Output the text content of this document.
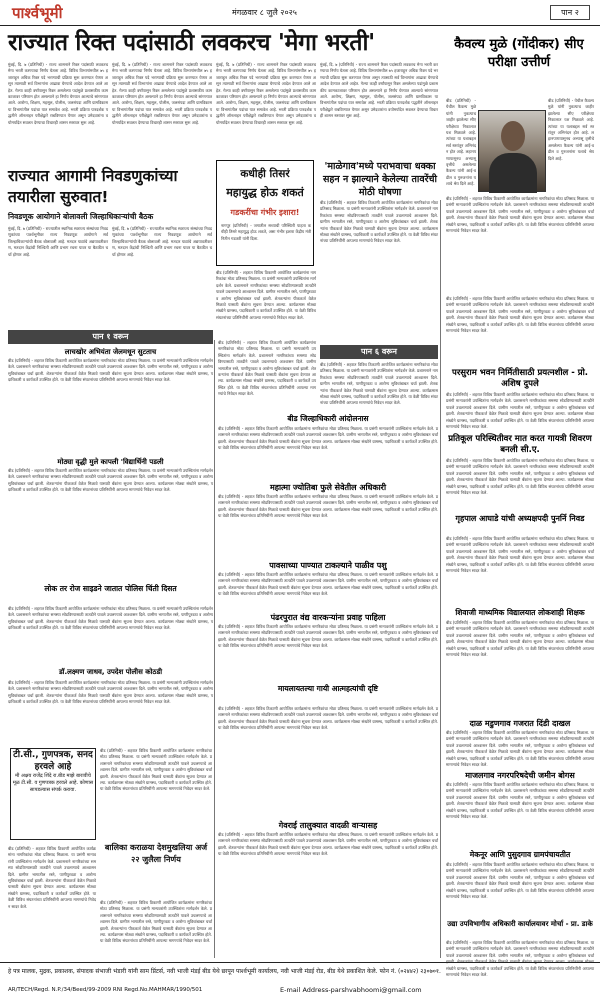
पार्श्वभूमी	मंगळवार ८ जुलै २०२५	पान २
राज्यात रिक्त पदांसाठी लवकरच 'मेगा भरती'	कैवल्य मुळे (गोंदीकर) सीए परीक्षा उत्तीर्ण
मुंबई, दि. ७ (प्रतिनिधी) - राज्य शासनाने रिक्त पदांसाठी लवकरच मेगा भरती करण्याचा निर्णय घेतला आहे. विविध विभागांमधील ७५ हजाराहून अधिक रिक्त पदे भरण्याची प्रक्रिया सुरू करण्यात येणार असून त्यासाठी सर्व विभागांना आढावा घेण्याचे आदेश देण्यात आले आहेत. गेल्या काही वर्षांपासून रिक्त असलेल्या पदांमुळे प्रशासकीय कामकाजावर परिणाम होत असल्याने हा निर्णय घेण्यात आल्याचे सांगण्यात आले. आरोग्य, शिक्षण, महसूल, पोलीस, जलसंपदा आणि ग्रामविकास या विभागांतील पदांचा यात समावेश आहे. भरती प्रक्रिया पारदर्शक पद्धतीने ऑनलाइन परीक्षेद्वारे राबविण्यात येणार असून उमेदवारांना वयोमर्यादेत सवलत देण्याचा विचारही शासन स्तरावर सुरू आहे.
मुंबई, दि. ७ (प्रतिनिधी) - राज्य शासनाने रिक्त पदांसाठी लवकरच मेगा भरती करण्याचा निर्णय घेतला आहे. विविध विभागांमधील ७५ हजाराहून अधिक रिक्त पदे भरण्याची प्रक्रिया सुरू करण्यात येणार असून त्यासाठी सर्व विभागांना आढावा घेण्याचे आदेश देण्यात आले आहेत. गेल्या काही वर्षांपासून रिक्त असलेल्या पदांमुळे प्रशासकीय कामकाजावर परिणाम होत असल्याने हा निर्णय घेण्यात आल्याचे सांगण्यात आले. आरोग्य, शिक्षण, महसूल, पोलीस, जलसंपदा आणि ग्रामविकास या विभागांतील पदांचा यात समावेश आहे. भरती प्रक्रिया पारदर्शक पद्धतीने ऑनलाइन परीक्षेद्वारे राबविण्यात येणार असून उमेदवारांना वयोमर्यादेत सवलत देण्याचा विचारही शासन स्तरावर सुरू आहे.
मुंबई, दि. ७ (प्रतिनिधी) - राज्य शासनाने रिक्त पदांसाठी लवकरच मेगा भरती करण्याचा निर्णय घेतला आहे. विविध विभागांमधील ७५ हजाराहून अधिक रिक्त पदे भरण्याची प्रक्रिया सुरू करण्यात येणार असून त्यासाठी सर्व विभागांना आढावा घेण्याचे आदेश देण्यात आले आहेत. गेल्या काही वर्षांपासून रिक्त असलेल्या पदांमुळे प्रशासकीय कामकाजावर परिणाम होत असल्याने हा निर्णय घेण्यात आल्याचे सांगण्यात आले. आरोग्य, शिक्षण, महसूल, पोलीस, जलसंपदा आणि ग्रामविकास या विभागांतील पदांचा यात समावेश आहे. भरती प्रक्रिया पारदर्शक पद्धतीने ऑनलाइन परीक्षेद्वारे राबविण्यात येणार असून उमेदवारांना वयोमर्यादेत सवलत देण्याचा विचारही शासन स्तरावर सुरू आहे.
मुंबई, दि. ७ (प्रतिनिधी) - राज्य शासनाने रिक्त पदांसाठी लवकरच मेगा भरती करण्याचा निर्णय घेतला आहे. विविध विभागांमधील ७५ हजाराहून अधिक रिक्त पदे भरण्याची प्रक्रिया सुरू करण्यात येणार असून त्यासाठी सर्व विभागांना आढावा घेण्याचे आदेश देण्यात आले आहेत. गेल्या काही वर्षांपासून रिक्त असलेल्या पदांमुळे प्रशासकीय कामकाजावर परिणाम होत असल्याने हा निर्णय घेण्यात आल्याचे सांगण्यात आले. आरोग्य, शिक्षण, महसूल, पोलीस, जलसंपदा आणि ग्रामविकास या विभागांतील पदांचा यात समावेश आहे. भरती प्रक्रिया पारदर्शक पद्धतीने ऑनलाइन परीक्षेद्वारे राबविण्यात येणार असून उमेदवारांना वयोमर्यादेत सवलत देण्याचा विचारही शासन स्तरावर सुरू आहे.
बीड (प्रतिनिधी) - येथील कैवल्य मुळे यांनी नुकत्याच जाहीर झालेल्या सीए परीक्षेच्या निकालात यश मिळवले आहे. त्यांच्या या यशाबद्दल सर्व स्तरांतून अभिनंदन होत आहे. लहानपणापासूनच अभ्यासू वृत्तीचे असलेल्या कैवल्य यांनी आई-वडील व गुरुजनांना यशाचे श्रेय दिले आहे.
बीड (प्रतिनिधी) - येथील कैवल्य मुळे यांनी नुकत्याच जाहीर झालेल्या सीए परीक्षेच्या निकालात यश मिळवले आहे. त्यांच्या या यशाबद्दल सर्व स्तरांतून अभिनंदन होत आहे. लहानपणापासूनच अभ्यासू वृत्तीचे असलेल्या कैवल्य यांनी आई-वडील व गुरुजनांना यशाचे श्रेय दिले आहे.
बीड (प्रतिनिधी) - शहरात विविध ठिकाणी आयोजित कार्यक्रमांना नागरिकांचा मोठा प्रतिसाद मिळाला. या प्रसंगी मान्यवरांनी उपस्थितांना मार्गदर्शन केले. प्रशासनाने नागरिकांच्या समस्या सोडविण्यासाठी तातडीने पावले उचलण्याचे आश्वासन दिले. ग्रामीण भागातील रस्ते, पाणीपुरवठा व आरोग्य सुविधांबाबत चर्चा झाली. शेतकऱ्यांना पीककर्ज वेळेत मिळावे यासाठी बँकांना सूचना देण्यात आल्या. कार्यक्रमास मोठ्या संख्येने ग्रामस्थ, पदाधिकारी व कार्यकर्ते उपस्थित होते. या वेळी विविध संघटनांच्या प्रतिनिधींनी आपल्या मागण्यांचे निवेदन सादर केले.
राज्यात आगामी निवडणुकांच्या तयारीला सुरुवात!
निवडणूक आयोगाने बोलावली जिल्हाधिकाऱ्यांची बैठक
मुंबई, दि. ७ (प्रतिनिधी) - राज्यातील स्थानिक स्वराज्य संस्थांच्या निवडणुकांच्या पार्श्वभूमीवर राज्य निवडणूक आयोगाने सर्व जिल्हाधिकाऱ्यांची बैठक बोलावली आहे. मतदार याद्यांचे अद्ययावतीकरण, मतदान केंद्रांची निश्चिती आणि प्रभाग रचना यावर या बैठकीत चर्चा होणार आहे.
मुंबई, दि. ७ (प्रतिनिधी) - राज्यातील स्थानिक स्वराज्य संस्थांच्या निवडणुकांच्या पार्श्वभूमीवर राज्य निवडणूक आयोगाने सर्व जिल्हाधिकाऱ्यांची बैठक बोलावली आहे. मतदार याद्यांचे अद्ययावतीकरण, मतदान केंद्रांची निश्चिती आणि प्रभाग रचना यावर या बैठकीत चर्चा होणार आहे.
कधीही तिसरं
महायुद्ध होऊ शकतं
गडकरींचा गंभीर इशारा!
नागपूर (प्रतिनिधी) - जगातील सध्याची परिस्थिती पाहता कधीही तिसरे महायुद्ध होऊ शकते, असा गंभीर इशारा केंद्रीय मंत्री नितीन गडकरी यांनी दिला.
बीड (प्रतिनिधी) - शहरात विविध ठिकाणी आयोजित कार्यक्रमांना नागरिकांचा मोठा प्रतिसाद मिळाला. या प्रसंगी मान्यवरांनी उपस्थितांना मार्गदर्शन केले. प्रशासनाने नागरिकांच्या समस्या सोडविण्यासाठी तातडीने पावले उचलण्याचे आश्वासन दिले. ग्रामीण भागातील रस्ते, पाणीपुरवठा व आरोग्य सुविधांबाबत चर्चा झाली. शेतकऱ्यांना पीककर्ज वेळेत मिळावे यासाठी बँकांना सूचना देण्यात आल्या. कार्यक्रमास मोठ्या संख्येने ग्रामस्थ, पदाधिकारी व कार्यकर्ते उपस्थित होते. या वेळी विविध संघटनांच्या प्रतिनिधींनी आपल्या मागण्यांचे निवेदन सादर केले.
'माळेगाव'मध्ये पराभवाचा धक्का सहन न झाल्याने केलेल्या तावरेंची मोठी घोषणा
बीड (प्रतिनिधी) - शहरात विविध ठिकाणी आयोजित कार्यक्रमांना नागरिकांचा मोठा प्रतिसाद मिळाला. या प्रसंगी मान्यवरांनी उपस्थितांना मार्गदर्शन केले. प्रशासनाने नागरिकांच्या समस्या सोडविण्यासाठी तातडीने पावले उचलण्याचे आश्वासन दिले. ग्रामीण भागातील रस्ते, पाणीपुरवठा व आरोग्य सुविधांबाबत चर्चा झाली. शेतकऱ्यांना पीककर्ज वेळेत मिळावे यासाठी बँकांना सूचना देण्यात आल्या. कार्यक्रमास मोठ्या संख्येने ग्रामस्थ, पदाधिकारी व कार्यकर्ते उपस्थित होते. या वेळी विविध संघटनांच्या प्रतिनिधींनी आपल्या मागण्यांचे निवेदन सादर केले.
पान १ वरून
पान ६ वरून
लाचखोर अभियंता जेलमधून सुटताच
बीड (प्रतिनिधी) - शहरात विविध ठिकाणी आयोजित कार्यक्रमांना नागरिकांचा मोठा प्रतिसाद मिळाला. या प्रसंगी मान्यवरांनी उपस्थितांना मार्गदर्शन केले. प्रशासनाने नागरिकांच्या समस्या सोडविण्यासाठी तातडीने पावले उचलण्याचे आश्वासन दिले. ग्रामीण भागातील रस्ते, पाणीपुरवठा व आरोग्य सुविधांबाबत चर्चा झाली. शेतकऱ्यांना पीककर्ज वेळेत मिळावे यासाठी बँकांना सूचना देण्यात आल्या. कार्यक्रमास मोठ्या संख्येने ग्रामस्थ, पदाधिकारी व कार्यकर्ते उपस्थित होते. या वेळी विविध संघटनांच्या प्रतिनिधींनी आपल्या मागण्यांचे निवेदन सादर केले.
मोठ्या वृद्धी मुले कापली 'विद्यार्थिनी पडली
बीड (प्रतिनिधी) - शहरात विविध ठिकाणी आयोजित कार्यक्रमांना नागरिकांचा मोठा प्रतिसाद मिळाला. या प्रसंगी मान्यवरांनी उपस्थितांना मार्गदर्शन केले. प्रशासनाने नागरिकांच्या समस्या सोडविण्यासाठी तातडीने पावले उचलण्याचे आश्वासन दिले. ग्रामीण भागातील रस्ते, पाणीपुरवठा व आरोग्य सुविधांबाबत चर्चा झाली. शेतकऱ्यांना पीककर्ज वेळेत मिळावे यासाठी बँकांना सूचना देण्यात आल्या. कार्यक्रमास मोठ्या संख्येने ग्रामस्थ, पदाधिकारी व कार्यकर्ते उपस्थित होते. या वेळी विविध संघटनांच्या प्रतिनिधींनी आपल्या मागण्यांचे निवेदन सादर केले.
लोक तर रोज साइडने जातात पोलिस चिंती दिसत
बीड (प्रतिनिधी) - शहरात विविध ठिकाणी आयोजित कार्यक्रमांना नागरिकांचा मोठा प्रतिसाद मिळाला. या प्रसंगी मान्यवरांनी उपस्थितांना मार्गदर्शन केले. प्रशासनाने नागरिकांच्या समस्या सोडविण्यासाठी तातडीने पावले उचलण्याचे आश्वासन दिले. ग्रामीण भागातील रस्ते, पाणीपुरवठा व आरोग्य सुविधांबाबत चर्चा झाली. शेतकऱ्यांना पीककर्ज वेळेत मिळावे यासाठी बँकांना सूचना देण्यात आल्या. कार्यक्रमास मोठ्या संख्येने ग्रामस्थ, पदाधिकारी व कार्यकर्ते उपस्थित होते. या वेळी विविध संघटनांच्या प्रतिनिधींनी आपल्या मागण्यांचे निवेदन सादर केले.
डॉ.लक्ष्मण जाधव, उपदेश पोलीस कोठडी
बीड (प्रतिनिधी) - शहरात विविध ठिकाणी आयोजित कार्यक्रमांना नागरिकांचा मोठा प्रतिसाद मिळाला. या प्रसंगी मान्यवरांनी उपस्थितांना मार्गदर्शन केले. प्रशासनाने नागरिकांच्या समस्या सोडविण्यासाठी तातडीने पावले उचलण्याचे आश्वासन दिले. ग्रामीण भागातील रस्ते, पाणीपुरवठा व आरोग्य सुविधांबाबत चर्चा झाली. शेतकऱ्यांना पीककर्ज वेळेत मिळावे यासाठी बँकांना सूचना देण्यात आल्या. कार्यक्रमास मोठ्या संख्येने ग्रामस्थ, पदाधिकारी व कार्यकर्ते उपस्थित होते. या वेळी विविध संघटनांच्या प्रतिनिधींनी आपल्या मागण्यांचे निवेदन सादर केले.
टी.सी., गुणपत्रक, सनद हरवले आहे
मी अक्षय राजेंद्र शिंदे रा.बीड माझे बारावीचे मूळ टी.सी. व गुणपत्रक हरवले आहे. कोणास सापडल्यास संपर्क करावा.
बीड (प्रतिनिधी) - शहरात विविध ठिकाणी आयोजित कार्यक्रमांना नागरिकांचा मोठा प्रतिसाद मिळाला. या प्रसंगी मान्यवरांनी उपस्थितांना मार्गदर्शन केले. प्रशासनाने नागरिकांच्या समस्या सोडविण्यासाठी तातडीने पावले उचलण्याचे आश्वासन दिले. ग्रामीण भागातील रस्ते, पाणीपुरवठा व आरोग्य सुविधांबाबत चर्चा झाली. शेतकऱ्यांना पीककर्ज वेळेत मिळावे यासाठी बँकांना सूचना देण्यात आल्या. कार्यक्रमास मोठ्या संख्येने ग्रामस्थ, पदाधिकारी व कार्यकर्ते उपस्थित होते. या वेळी विविध संघटनांच्या प्रतिनिधींनी आपल्या मागण्यांचे निवेदन सादर केले.
बालिका कराळया देशमुखलिया अर्ज २२ जुलैला निर्णय
बीड (प्रतिनिधी) - शहरात विविध ठिकाणी आयोजित कार्यक्रमांना नागरिकांचा मोठा प्रतिसाद मिळाला. या प्रसंगी मान्यवरांनी उपस्थितांना मार्गदर्शन केले. प्रशासनाने नागरिकांच्या समस्या सोडविण्यासाठी तातडीने पावले उचलण्याचे आश्वासन दिले. ग्रामीण भागातील रस्ते, पाणीपुरवठा व आरोग्य सुविधांबाबत चर्चा झाली. शेतकऱ्यांना पीककर्ज वेळेत मिळावे यासाठी बँकांना सूचना देण्यात आल्या. कार्यक्रमास मोठ्या संख्येने ग्रामस्थ, पदाधिकारी व कार्यकर्ते उपस्थित होते. या वेळी विविध संघटनांच्या प्रतिनिधींनी आपल्या मागण्यांचे निवेदन सादर केले.
बीड (प्रतिनिधी) - शहरात विविध ठिकाणी आयोजित कार्यक्रमांना नागरिकांचा मोठा प्रतिसाद मिळाला. या प्रसंगी मान्यवरांनी उपस्थितांना मार्गदर्शन केले. प्रशासनाने नागरिकांच्या समस्या सोडविण्यासाठी तातडीने पावले उचलण्याचे आश्वासन दिले. ग्रामीण भागातील रस्ते, पाणीपुरवठा व आरोग्य सुविधांबाबत चर्चा झाली. शेतकऱ्यांना पीककर्ज वेळेत मिळावे यासाठी बँकांना सूचना देण्यात आल्या. कार्यक्रमास मोठ्या संख्येने ग्रामस्थ, पदाधिकारी व कार्यकर्ते उपस्थित होते. या वेळी विविध संघटनांच्या प्रतिनिधींनी आपल्या मागण्यांचे निवेदन सादर केले.
बीड (प्रतिनिधी) - शहरात विविध ठिकाणी आयोजित कार्यक्रमांना नागरिकांचा मोठा प्रतिसाद मिळाला. या प्रसंगी मान्यवरांनी उपस्थितांना मार्गदर्शन केले. प्रशासनाने नागरिकांच्या समस्या सोडविण्यासाठी तातडीने पावले उचलण्याचे आश्वासन दिले. ग्रामीण भागातील रस्ते, पाणीपुरवठा व आरोग्य सुविधांबाबत चर्चा झाली. शेतकऱ्यांना पीककर्ज वेळेत मिळावे यासाठी बँकांना सूचना देण्यात आल्या. कार्यक्रमास मोठ्या संख्येने ग्रामस्थ, पदाधिकारी व कार्यकर्ते उपस्थित होते. या वेळी विविध संघटनांच्या प्रतिनिधींनी आपल्या मागण्यांचे निवेदन सादर केले.
बीड (प्रतिनिधी) - शहरात विविध ठिकाणी आयोजित कार्यक्रमांना नागरिकांचा मोठा प्रतिसाद मिळाला. या प्रसंगी मान्यवरांनी उपस्थितांना मार्गदर्शन केले. प्रशासनाने नागरिकांच्या समस्या सोडविण्यासाठी तातडीने पावले उचलण्याचे आश्वासन दिले. ग्रामीण भागातील रस्ते, पाणीपुरवठा व आरोग्य सुविधांबाबत चर्चा झाली. शेतकऱ्यांना पीककर्ज वेळेत मिळावे यासाठी बँकांना सूचना देण्यात आल्या. कार्यक्रमास मोठ्या संख्येने ग्रामस्थ, पदाधिकारी व कार्यकर्ते उपस्थित होते. या वेळी विविध संघटनांच्या प्रतिनिधींनी आपल्या मागण्यांचे निवेदन सादर केले.
बीड जिल्हाधिकारी आंदोलनास
बीड (प्रतिनिधी) - शहरात विविध ठिकाणी आयोजित कार्यक्रमांना नागरिकांचा मोठा प्रतिसाद मिळाला. या प्रसंगी मान्यवरांनी उपस्थितांना मार्गदर्शन केले. प्रशासनाने नागरिकांच्या समस्या सोडविण्यासाठी तातडीने पावले उचलण्याचे आश्वासन दिले. ग्रामीण भागातील रस्ते, पाणीपुरवठा व आरोग्य सुविधांबाबत चर्चा झाली. शेतकऱ्यांना पीककर्ज वेळेत मिळावे यासाठी बँकांना सूचना देण्यात आल्या. कार्यक्रमास मोठ्या संख्येने ग्रामस्थ, पदाधिकारी व कार्यकर्ते उपस्थित होते. या वेळी विविध संघटनांच्या प्रतिनिधींनी आपल्या मागण्यांचे निवेदन सादर केले.
महात्मा ज्योतिबा फुले सेवेतील अधिकारी
बीड (प्रतिनिधी) - शहरात विविध ठिकाणी आयोजित कार्यक्रमांना नागरिकांचा मोठा प्रतिसाद मिळाला. या प्रसंगी मान्यवरांनी उपस्थितांना मार्गदर्शन केले. प्रशासनाने नागरिकांच्या समस्या सोडविण्यासाठी तातडीने पावले उचलण्याचे आश्वासन दिले. ग्रामीण भागातील रस्ते, पाणीपुरवठा व आरोग्य सुविधांबाबत चर्चा झाली. शेतकऱ्यांना पीककर्ज वेळेत मिळावे यासाठी बँकांना सूचना देण्यात आल्या. कार्यक्रमास मोठ्या संख्येने ग्रामस्थ, पदाधिकारी व कार्यकर्ते उपस्थित होते. या वेळी विविध संघटनांच्या प्रतिनिधींनी आपल्या मागण्यांचे निवेदन सादर केले.
पावसाच्या पाण्यात टाकल्याने पाळीव पशु
बीड (प्रतिनिधी) - शहरात विविध ठिकाणी आयोजित कार्यक्रमांना नागरिकांचा मोठा प्रतिसाद मिळाला. या प्रसंगी मान्यवरांनी उपस्थितांना मार्गदर्शन केले. प्रशासनाने नागरिकांच्या समस्या सोडविण्यासाठी तातडीने पावले उचलण्याचे आश्वासन दिले. ग्रामीण भागातील रस्ते, पाणीपुरवठा व आरोग्य सुविधांबाबत चर्चा झाली. शेतकऱ्यांना पीककर्ज वेळेत मिळावे यासाठी बँकांना सूचना देण्यात आल्या. कार्यक्रमास मोठ्या संख्येने ग्रामस्थ, पदाधिकारी व कार्यकर्ते उपस्थित होते. या वेळी विविध संघटनांच्या प्रतिनिधींनी आपल्या मागण्यांचे निवेदन सादर केले.
पंढरपुरात वंद्य वारकऱ्यांना प्रवाह पाहिला
बीड (प्रतिनिधी) - शहरात विविध ठिकाणी आयोजित कार्यक्रमांना नागरिकांचा मोठा प्रतिसाद मिळाला. या प्रसंगी मान्यवरांनी उपस्थितांना मार्गदर्शन केले. प्रशासनाने नागरिकांच्या समस्या सोडविण्यासाठी तातडीने पावले उचलण्याचे आश्वासन दिले. ग्रामीण भागातील रस्ते, पाणीपुरवठा व आरोग्य सुविधांबाबत चर्चा झाली. शेतकऱ्यांना पीककर्ज वेळेत मिळावे यासाठी बँकांना सूचना देण्यात आल्या. कार्यक्रमास मोठ्या संख्येने ग्रामस्थ, पदाधिकारी व कार्यकर्ते उपस्थित होते. या वेळी विविध संघटनांच्या प्रतिनिधींनी आपल्या मागण्यांचे निवेदन सादर केले.
मायलायतल्या गायी आत्महत्यांची दृष्टि
बीड (प्रतिनिधी) - शहरात विविध ठिकाणी आयोजित कार्यक्रमांना नागरिकांचा मोठा प्रतिसाद मिळाला. या प्रसंगी मान्यवरांनी उपस्थितांना मार्गदर्शन केले. प्रशासनाने नागरिकांच्या समस्या सोडविण्यासाठी तातडीने पावले उचलण्याचे आश्वासन दिले. ग्रामीण भागातील रस्ते, पाणीपुरवठा व आरोग्य सुविधांबाबत चर्चा झाली. शेतकऱ्यांना पीककर्ज वेळेत मिळावे यासाठी बँकांना सूचना देण्यात आल्या. कार्यक्रमास मोठ्या संख्येने ग्रामस्थ, पदाधिकारी व कार्यकर्ते उपस्थित होते. या वेळी विविध संघटनांच्या प्रतिनिधींनी आपल्या मागण्यांचे निवेदन सादर केले.
गेवराई तालुक्यात वादळी वाऱ्यासह
बीड (प्रतिनिधी) - शहरात विविध ठिकाणी आयोजित कार्यक्रमांना नागरिकांचा मोठा प्रतिसाद मिळाला. या प्रसंगी मान्यवरांनी उपस्थितांना मार्गदर्शन केले. प्रशासनाने नागरिकांच्या समस्या सोडविण्यासाठी तातडीने पावले उचलण्याचे आश्वासन दिले. ग्रामीण भागातील रस्ते, पाणीपुरवठा व आरोग्य सुविधांबाबत चर्चा झाली. शेतकऱ्यांना पीककर्ज वेळेत मिळावे यासाठी बँकांना सूचना देण्यात आल्या. कार्यक्रमास मोठ्या संख्येने ग्रामस्थ, पदाधिकारी व कार्यकर्ते उपस्थित होते. या वेळी विविध संघटनांच्या प्रतिनिधींनी आपल्या मागण्यांचे निवेदन सादर केले.
बीड (प्रतिनिधी) - शहरात विविध ठिकाणी आयोजित कार्यक्रमांना नागरिकांचा मोठा प्रतिसाद मिळाला. या प्रसंगी मान्यवरांनी उपस्थितांना मार्गदर्शन केले. प्रशासनाने नागरिकांच्या समस्या सोडविण्यासाठी तातडीने पावले उचलण्याचे आश्वासन दिले. ग्रामीण भागातील रस्ते, पाणीपुरवठा व आरोग्य सुविधांबाबत चर्चा झाली. शेतकऱ्यांना पीककर्ज वेळेत मिळावे यासाठी बँकांना सूचना देण्यात आल्या. कार्यक्रमास मोठ्या संख्येने ग्रामस्थ, पदाधिकारी व कार्यकर्ते उपस्थित होते. या वेळी विविध संघटनांच्या प्रतिनिधींनी आपल्या मागण्यांचे निवेदन सादर केले.
परसुराम भवन निर्मितीसाठी प्रयत्नशील - प्रो. अशिष दुपले
बीड (प्रतिनिधी) - शहरात विविध ठिकाणी आयोजित कार्यक्रमांना नागरिकांचा मोठा प्रतिसाद मिळाला. या प्रसंगी मान्यवरांनी उपस्थितांना मार्गदर्शन केले. प्रशासनाने नागरिकांच्या समस्या सोडविण्यासाठी तातडीने पावले उचलण्याचे आश्वासन दिले. ग्रामीण भागातील रस्ते, पाणीपुरवठा व आरोग्य सुविधांबाबत चर्चा झाली. शेतकऱ्यांना पीककर्ज वेळेत मिळावे यासाठी बँकांना सूचना देण्यात आल्या. कार्यक्रमास मोठ्या संख्येने ग्रामस्थ, पदाधिकारी व कार्यकर्ते उपस्थित होते. या वेळी विविध संघटनांच्या प्रतिनिधींनी आपल्या मागण्यांचे निवेदन सादर केले.
प्रतिकूल परिस्थितीवर मात करत गायत्री शिवरण बनली सी.ए.
बीड (प्रतिनिधी) - शहरात विविध ठिकाणी आयोजित कार्यक्रमांना नागरिकांचा मोठा प्रतिसाद मिळाला. या प्रसंगी मान्यवरांनी उपस्थितांना मार्गदर्शन केले. प्रशासनाने नागरिकांच्या समस्या सोडविण्यासाठी तातडीने पावले उचलण्याचे आश्वासन दिले. ग्रामीण भागातील रस्ते, पाणीपुरवठा व आरोग्य सुविधांबाबत चर्चा झाली. शेतकऱ्यांना पीककर्ज वेळेत मिळावे यासाठी बँकांना सूचना देण्यात आल्या. कार्यक्रमास मोठ्या संख्येने ग्रामस्थ, पदाधिकारी व कार्यकर्ते उपस्थित होते. या वेळी विविध संघटनांच्या प्रतिनिधींनी आपल्या मागण्यांचे निवेदन सादर केले.
गृहपाल आघाडे यांची अध्यक्षपदी पुनर्नि निवड
बीड (प्रतिनिधी) - शहरात विविध ठिकाणी आयोजित कार्यक्रमांना नागरिकांचा मोठा प्रतिसाद मिळाला. या प्रसंगी मान्यवरांनी उपस्थितांना मार्गदर्शन केले. प्रशासनाने नागरिकांच्या समस्या सोडविण्यासाठी तातडीने पावले उचलण्याचे आश्वासन दिले. ग्रामीण भागातील रस्ते, पाणीपुरवठा व आरोग्य सुविधांबाबत चर्चा झाली. शेतकऱ्यांना पीककर्ज वेळेत मिळावे यासाठी बँकांना सूचना देण्यात आल्या. कार्यक्रमास मोठ्या संख्येने ग्रामस्थ, पदाधिकारी व कार्यकर्ते उपस्थित होते. या वेळी विविध संघटनांच्या प्रतिनिधींनी आपल्या मागण्यांचे निवेदन सादर केले.
शिवाजी माध्यमिक विद्यालयात लोकशाही शिक्षक
बीड (प्रतिनिधी) - शहरात विविध ठिकाणी आयोजित कार्यक्रमांना नागरिकांचा मोठा प्रतिसाद मिळाला. या प्रसंगी मान्यवरांनी उपस्थितांना मार्गदर्शन केले. प्रशासनाने नागरिकांच्या समस्या सोडविण्यासाठी तातडीने पावले उचलण्याचे आश्वासन दिले. ग्रामीण भागातील रस्ते, पाणीपुरवठा व आरोग्य सुविधांबाबत चर्चा झाली. शेतकऱ्यांना पीककर्ज वेळेत मिळावे यासाठी बँकांना सूचना देण्यात आल्या. कार्यक्रमास मोठ्या संख्येने ग्रामस्थ, पदाधिकारी व कार्यकर्ते उपस्थित होते. या वेळी विविध संघटनांच्या प्रतिनिधींनी आपल्या मागण्यांचे निवेदन सादर केले.
दाळ मडुणगाव गजरात दिंडी दाखल
बीड (प्रतिनिधी) - शहरात विविध ठिकाणी आयोजित कार्यक्रमांना नागरिकांचा मोठा प्रतिसाद मिळाला. या प्रसंगी मान्यवरांनी उपस्थितांना मार्गदर्शन केले. प्रशासनाने नागरिकांच्या समस्या सोडविण्यासाठी तातडीने पावले उचलण्याचे आश्वासन दिले. ग्रामीण भागातील रस्ते, पाणीपुरवठा व आरोग्य सुविधांबाबत चर्चा झाली. शेतकऱ्यांना पीककर्ज वेळेत मिळावे यासाठी बँकांना सूचना देण्यात आल्या. कार्यक्रमास मोठ्या संख्येने ग्रामस्थ, पदाधिकारी व कार्यकर्ते उपस्थित होते. या वेळी विविध संघटनांच्या प्रतिनिधींनी आपल्या मागण्यांचे निवेदन सादर केले.
माजलगाव नगरपरिषदेची जमीन बोगस
बीड (प्रतिनिधी) - शहरात विविध ठिकाणी आयोजित कार्यक्रमांना नागरिकांचा मोठा प्रतिसाद मिळाला. या प्रसंगी मान्यवरांनी उपस्थितांना मार्गदर्शन केले. प्रशासनाने नागरिकांच्या समस्या सोडविण्यासाठी तातडीने पावले उचलण्याचे आश्वासन दिले. ग्रामीण भागातील रस्ते, पाणीपुरवठा व आरोग्य सुविधांबाबत चर्चा झाली. शेतकऱ्यांना पीककर्ज वेळेत मिळावे यासाठी बँकांना सूचना देण्यात आल्या. कार्यक्रमास मोठ्या संख्येने ग्रामस्थ, पदाधिकारी व कार्यकर्ते उपस्थित होते. या वेळी विविध संघटनांच्या प्रतिनिधींनी आपल्या मागण्यांचे निवेदन सादर केले.
मेकनूर आणि पुसुदगाव ग्रामपंचायतीत
बीड (प्रतिनिधी) - शहरात विविध ठिकाणी आयोजित कार्यक्रमांना नागरिकांचा मोठा प्रतिसाद मिळाला. या प्रसंगी मान्यवरांनी उपस्थितांना मार्गदर्शन केले. प्रशासनाने नागरिकांच्या समस्या सोडविण्यासाठी तातडीने पावले उचलण्याचे आश्वासन दिले. ग्रामीण भागातील रस्ते, पाणीपुरवठा व आरोग्य सुविधांबाबत चर्चा झाली. शेतकऱ्यांना पीककर्ज वेळेत मिळावे यासाठी बँकांना सूचना देण्यात आल्या. कार्यक्रमास मोठ्या संख्येने ग्रामस्थ, पदाधिकारी व कार्यकर्ते उपस्थित होते. या वेळी विविध संघटनांच्या प्रतिनिधींनी आपल्या मागण्यांचे निवेदन सादर केले.
उद्या उपविभागीय अधिकारी कार्यालयावर मोर्चा - प्रा. डाके
बीड (प्रतिनिधी) - शहरात विविध ठिकाणी आयोजित कार्यक्रमांना नागरिकांचा मोठा प्रतिसाद मिळाला. या प्रसंगी मान्यवरांनी उपस्थितांना मार्गदर्शन केले. प्रशासनाने नागरिकांच्या समस्या सोडविण्यासाठी तातडीने पावले उचलण्याचे आश्वासन दिले. ग्रामीण भागातील रस्ते, पाणीपुरवठा व आरोग्य सुविधांबाबत चर्चा झाली. शेतकऱ्यांना पीककर्ज वेळेत मिळावे यासाठी बँकांना सूचना देण्यात आल्या. कार्यक्रमास मोठ्या संख्येने ग्रामस्थ, पदाधिकारी व कार्यकर्ते उपस्थित होते. या वेळी विविध संघटनांच्या प्रतिनिधींनी आपल्या मागण्यांचे निवेदन सादर केले.
हे पत्र मालक, मुद्रक, प्रकाशक, संपादक संभाजी भंडारी यांनी साम प्रिंटर्स, नवी भाजी मंडई बीड येथे छापून पार्श्वभूमी कार्यालय, नवी भाजी मंडई रोड, बीड येथे प्रकाशित केले. फोन नं. (०२४४२) २३०७०१.
AR/TECH/Regd. N.P./34/Beed/99-2009 RNI Regd.No.MAHMAR/1990/501	E-mail Address-parshvabhoomi@gmail.com
